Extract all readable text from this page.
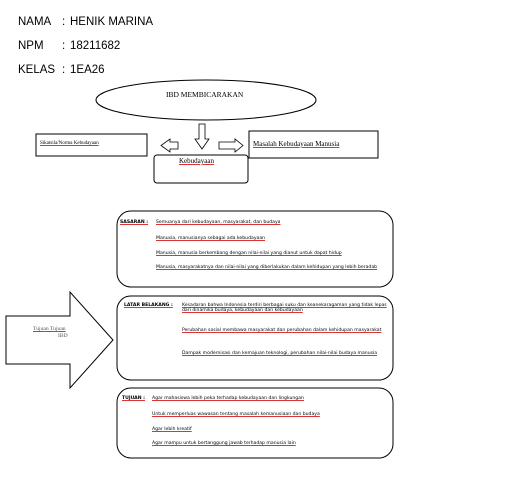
NAMA : HENIK MARINA
NPM : 18211682
KELAS : 1EA26
IBD MEMBICARAKAN
Sikatsila/Norma Kebudayaan
Kebudayaan
Masalah Kebudayaan Manusia
Tujuan Tujuan
IBD
SASARAN : Semuanya dari kebudayaan, masyarakat, dan budaya
Manusia, manusianya sebagai ada kebudayaan
Manusia, manusia berkembang dengan nilai-nilai yang dianut untuk dapat hidup
Manusia, masyarakatnya dan nilai-nilai yang diberlakukan dalam kehidupan yang lebih beradab
LATAR BELAKANG : Kesadaran bahwa Indonesia terdiri berbagai suku dan keanekaragaman yang tidak lepas dari dinamika budaya, kebudayaan dan kebudayaan
Perubahan sosial membawa masyarakat dan perubahan dalam kehidupan masyarakat
Dampak modernisasi dan kemajuan teknologi, perubahan nilai-nilai budaya manusia
TUJUAN : Agar mahasiswa lebih peka terhadap kebudayaan dan lingkungan
Untuk memperluas wawasan tentang masalah kemanusiaan dan budaya
Agar lebih kreatif
Agar mampu untuk bertanggung jawab terhadap manusia lain
